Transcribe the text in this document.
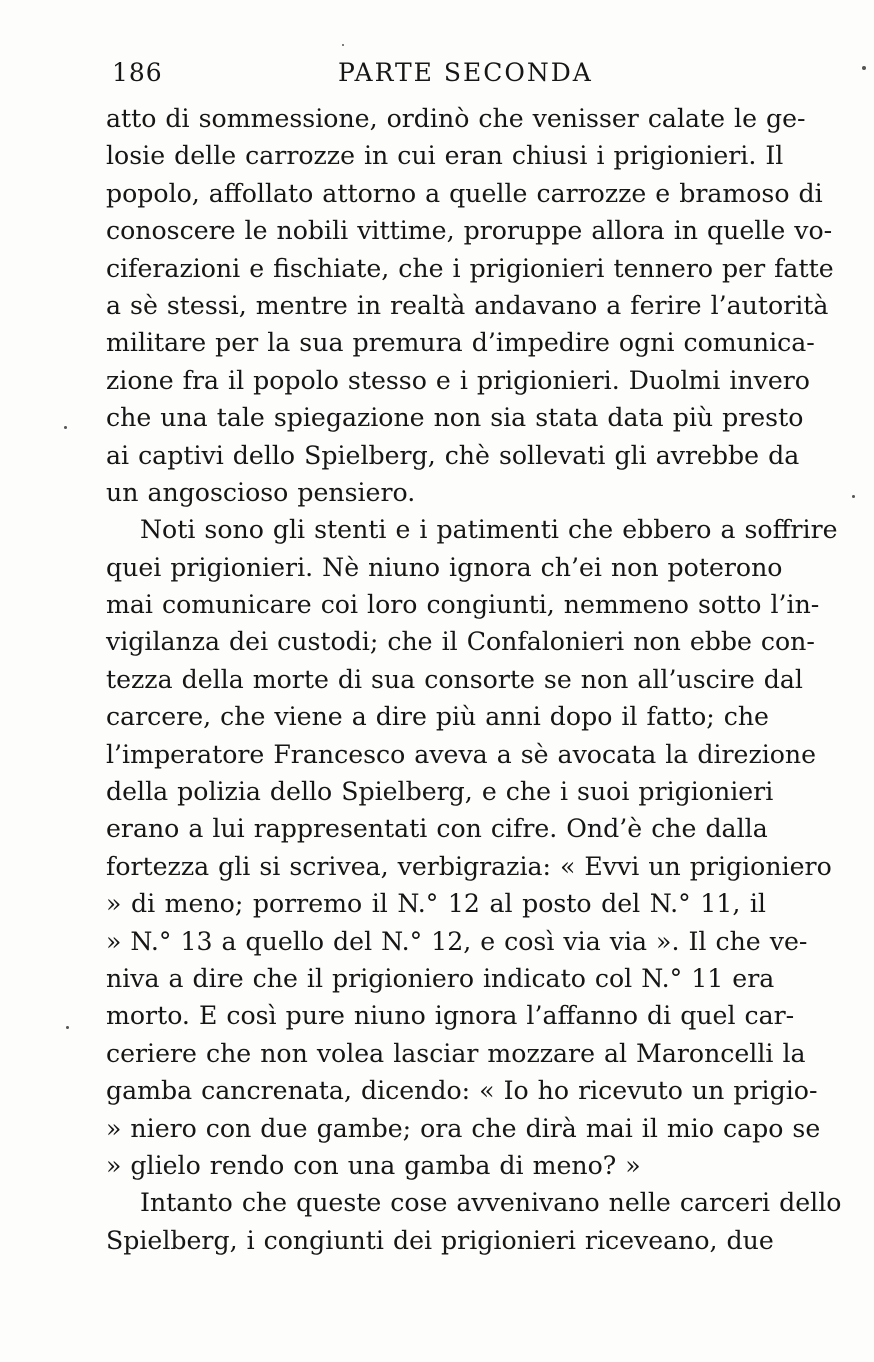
186	PARTE SECONDA
atto di sommessione, ordinò che venisser calate le ge-
losie delle carrozze in cui eran chiusi i prigionieri. Il
popolo, affollato attorno a quelle carrozze e bramoso di
conoscere le nobili vittime, proruppe allora in quelle vo-
ciferazioni e fischiate, che i prigionieri tennero per fatte
a sè stessi, mentre in realtà andavano a ferire l’autorità
militare per la sua premura d’impedire ogni comunica-
zione fra il popolo stesso e i prigionieri. Duolmi invero
che una tale spiegazione non sia stata data più presto
ai captivi dello Spielberg, chè sollevati gli avrebbe da
un angoscioso pensiero.
Noti sono gli stenti e i patimenti che ebbero a soffrire
quei prigionieri. Nè niuno ignora ch’ei non poterono
mai comunicare coi loro congiunti, nemmeno sotto l’in-
vigilanza dei custodi; che il Confalonieri non ebbe con-
tezza della morte di sua consorte se non all’uscire dal
carcere, che viene a dire più anni dopo il fatto; che
l’imperatore Francesco aveva a sè avocata la direzione
della polizia dello Spielberg, e che i suoi prigionieri
erano a lui rappresentati con cifre. Ond’è che dalla
fortezza gli si scrivea, verbigrazia: « Evvi un prigioniero
» di meno; porremo il N.° 12 al posto del N.° 11, il
» N.° 13 a quello del N.° 12, e così via via ». Il che ve-
niva a dire che il prigioniero indicato col N.° 11 era
morto. E così pure niuno ignora l’affanno di quel car-
ceriere che non volea lasciar mozzare al Maroncelli la
gamba cancrenata, dicendo: « Io ho ricevuto un prigio-
» niero con due gambe; ora che dirà mai il mio capo se
» glielo rendo con una gamba di meno? »
Intanto che queste cose avvenivano nelle carceri dello
Spielberg, i congiunti dei prigionieri riceveano, due
